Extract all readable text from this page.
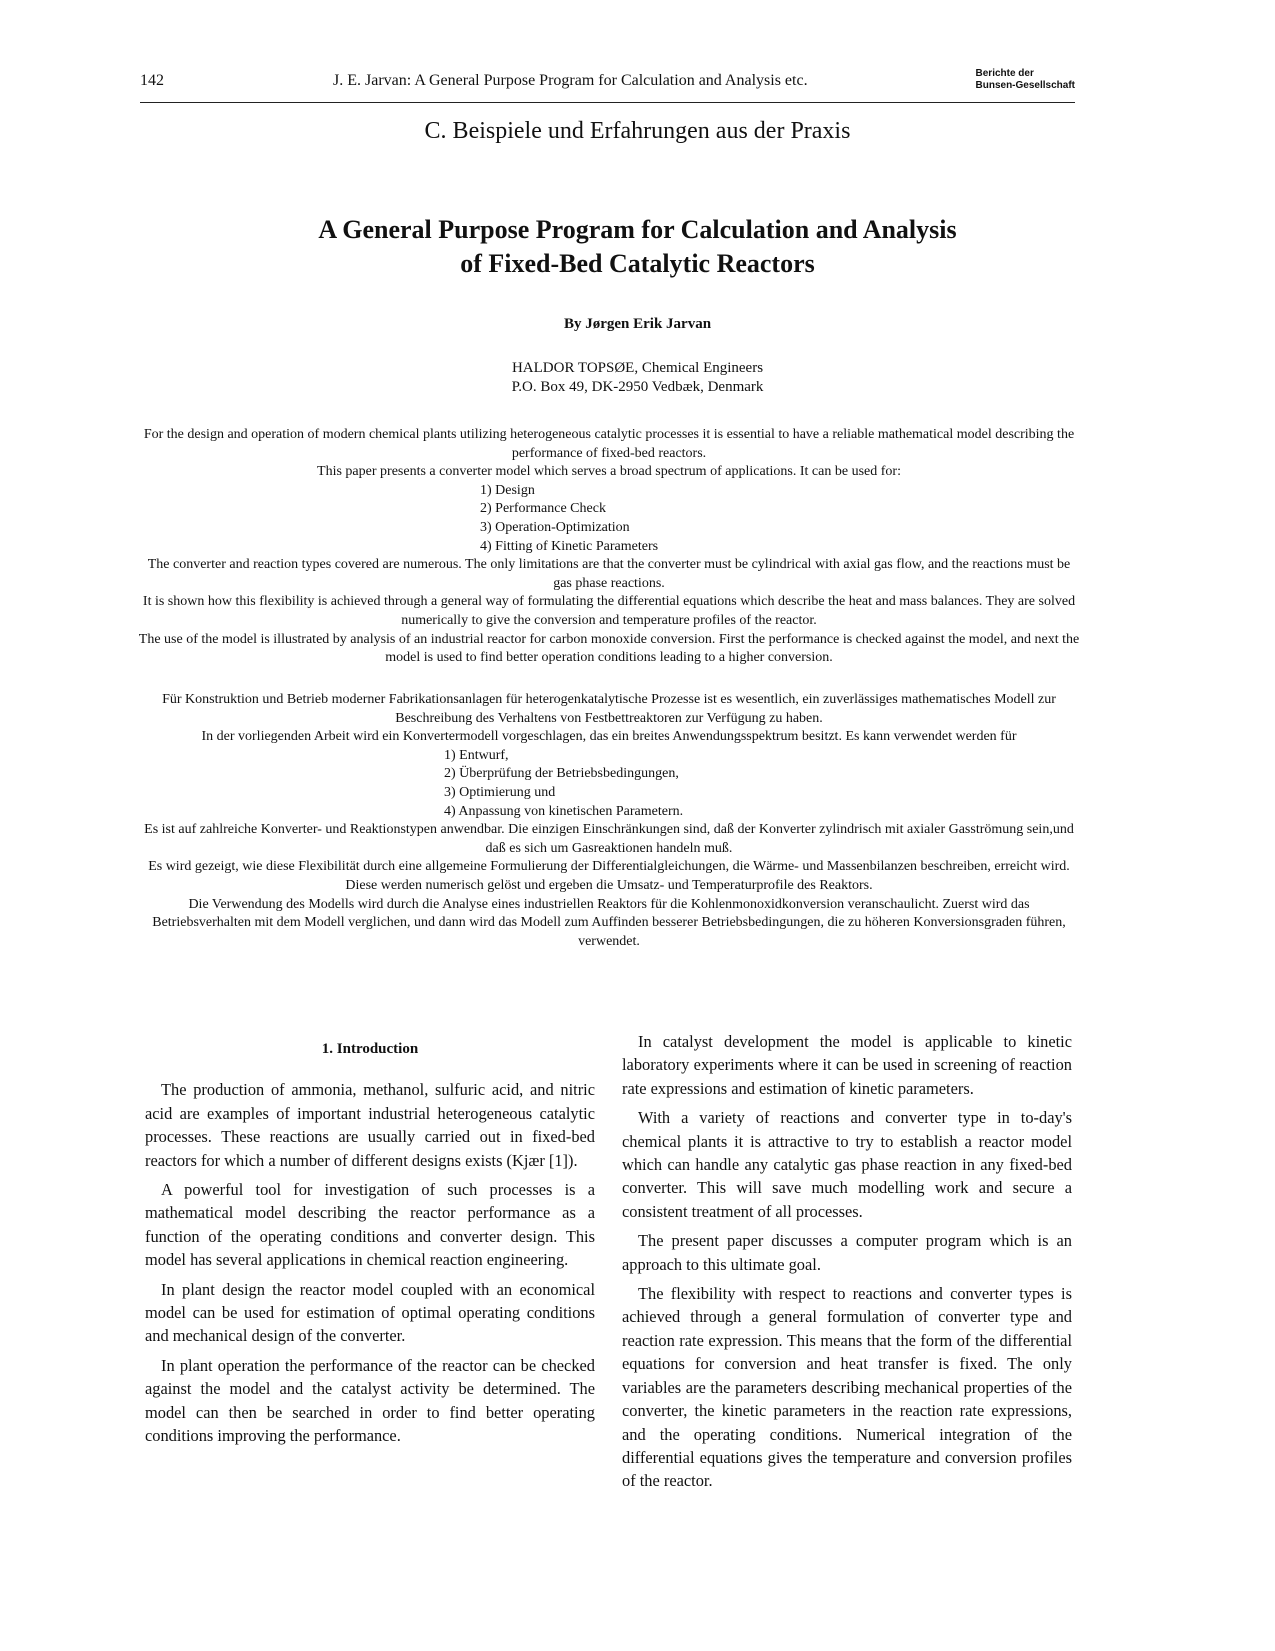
142	J. E. Jarvan: A General Purpose Program for Calculation and Analysis etc.	Berichte der
Bunsen-Gesellschaft
C. Beispiele und Erfahrungen aus der Praxis
A General Purpose Program for Calculation and Analysis
of Fixed-Bed Catalytic Reactors
By Jørgen Erik Jarvan
HALDOR TOPSØE, Chemical Engineers
P.O. Box 49, DK-2950 Vedbæk, Denmark

For the design and operation of modern chemical plants utilizing heterogeneous catalytic processes it is essential to have a reliable mathematical model describing the performance of fixed-bed reactors.

This paper presents a converter model which serves a broad spectrum of applications. It can be used for:

1) Design
2) Performance Check
3) Operation-Optimization
4) Fitting of Kinetic Parameters

The converter and reaction types covered are numerous. The only limitations are that the converter must be cylindrical with axial gas flow, and the reactions must be gas phase reactions.

It is shown how this flexibility is achieved through a general way of formulating the differential equations which describe the heat and mass balances. They are solved numerically to give the conversion and temperature profiles of the reactor.

The use of the model is illustrated by analysis of an industrial reactor for carbon monoxide conversion. First the performance is checked against the model, and next the model is used to find better operation conditions leading to a higher conversion.

Für Konstruktion und Betrieb moderner Fabrikationsanlagen für heterogenkatalytische Prozesse ist es wesentlich, ein zuverlässiges mathematisches Modell zur Beschreibung des Verhaltens von Festbettreaktoren zur Verfügung zu haben.

In der vorliegenden Arbeit wird ein Konvertermodell vorgeschlagen, das ein breites Anwendungsspektrum besitzt. Es kann verwendet werden für

1) Entwurf,
2) Überprüfung der Betriebsbedingungen,
3) Optimierung und
4) Anpassung von kinetischen Parametern.

Es ist auf zahlreiche Konverter- und Reaktionstypen anwendbar. Die einzigen Einschränkungen sind, daß der Konverter zylindrisch mit axialer Gasströmung sein,und daß es sich um Gasreaktionen handeln muß.

Es wird gezeigt, wie diese Flexibilität durch eine allgemeine Formulierung der Differentialgleichungen, die Wärme- und Massenbilanzen beschreiben, erreicht wird. Diese werden numerisch gelöst und ergeben die Umsatz- und Temperaturprofile des Reaktors.

Die Verwendung des Modells wird durch die Analyse eines industriellen Reaktors für die Kohlenmonoxidkonversion veranschaulicht. Zuerst wird das Betriebsverhalten mit dem Modell verglichen, und dann wird das Modell zum Auffinden besserer Betriebsbedingungen, die zu höheren Konversionsgraden führen, verwendet.

1. Introduction

The production of ammonia, methanol, sulfuric acid, and nitric acid are examples of important industrial heterogeneous catalytic processes. These reactions are usually carried out in fixed-bed reactors for which a number of different designs exists (Kjær [1]).

A powerful tool for investigation of such processes is a mathematical model describing the reactor performance as a function of the operating conditions and converter design. This model has several applications in chemical reaction engineering.

In plant design the reactor model coupled with an economical model can be used for estimation of optimal operating conditions and mechanical design of the converter.

In plant operation the performance of the reactor can be checked against the model and the catalyst activity be determined. The model can then be searched in order to find better operating conditions improving the performance.

In catalyst development the model is applicable to kinetic laboratory experiments where it can be used in screening of reaction rate expressions and estimation of kinetic parameters.

With a variety of reactions and converter type in to-day's chemical plants it is attractive to try to establish a reactor model which can handle any catalytic gas phase reaction in any fixed-bed converter. This will save much modelling work and secure a consistent treatment of all processes.

The present paper discusses a computer program which is an approach to this ultimate goal.

The flexibility with respect to reactions and converter types is achieved through a general formulation of converter type and reaction rate expression. This means that the form of the differential equations for conversion and heat transfer is fixed. The only variables are the parameters describing mechanical properties of the converter, the kinetic parameters in the reaction rate expressions, and the operating conditions. Numerical integration of the differential equations gives the temperature and conversion profiles of the reactor.
